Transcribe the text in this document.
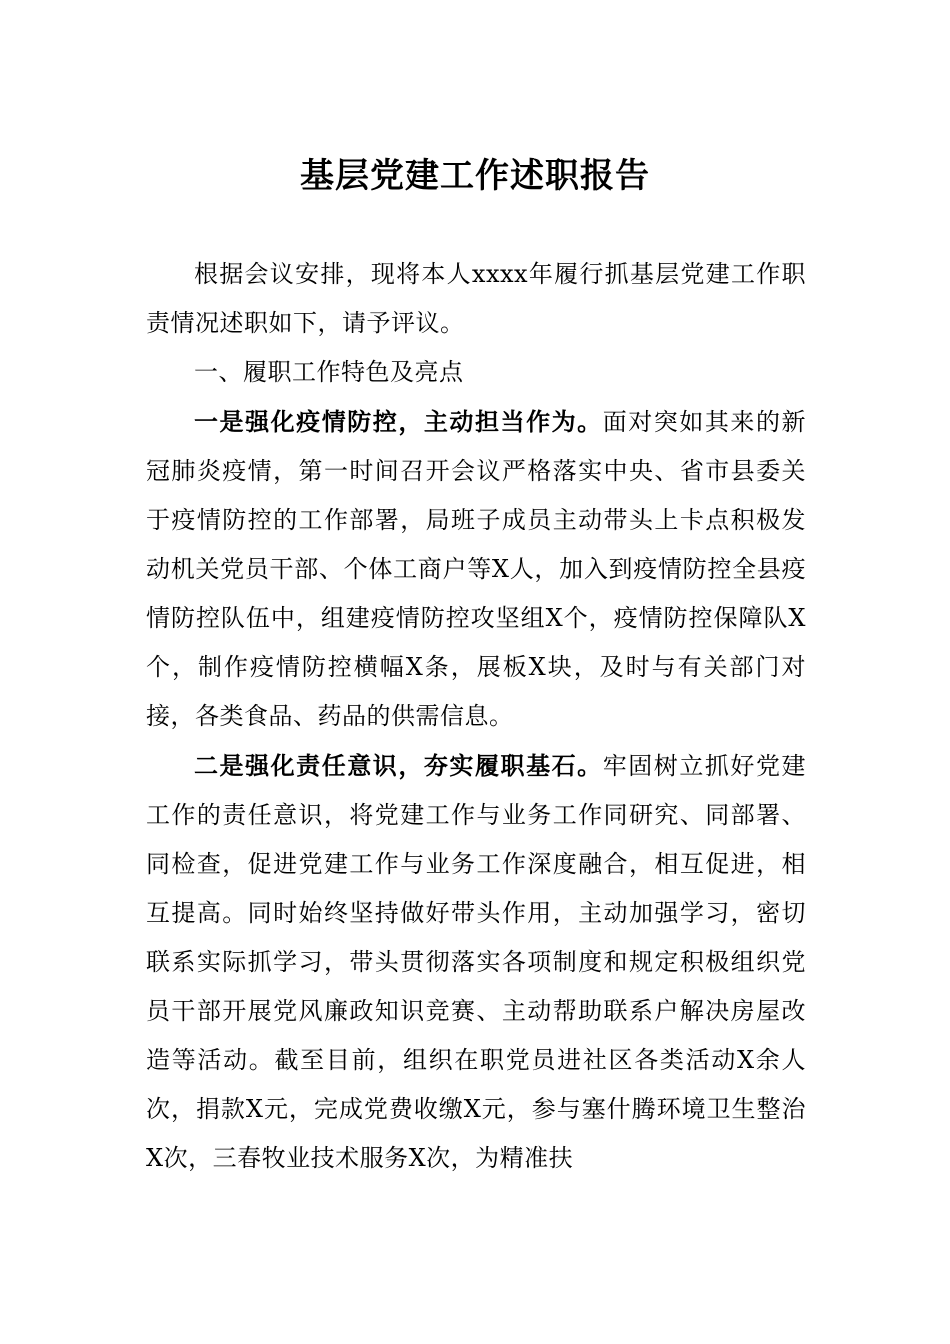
基层党建工作述职报告

根据会议安排，现将本人xxxx年履行抓基层党建工作职责情况述职如下，请予评议。

一、履职工作特色及亮点

一是强化疫情防控，主动担当作为。面对突如其来的新冠肺炎疫情，第一时间召开会议严格落实中央、省市县委关于疫情防控的工作部署，局班子成员主动带头上卡点积极发动机关党员干部、个体工商户等X人，加入到疫情防控全县疫情防控队伍中，组建疫情防控攻坚组X个，疫情防控保障队X个，制作疫情防控横幅X条，展板X块，及时与有关部门对接，各类食品、药品的供需信息。

二是强化责任意识，夯实履职基石。牢固树立抓好党建工作的责任意识，将党建工作与业务工作同研究、同部署、同检查，促进党建工作与业务工作深度融合，相互促进，相互提高。同时始终坚持做好带头作用，主动加强学习，密切联系实际抓学习，带头贯彻落实各项制度和规定积极组织党员干部开展党风廉政知识竞赛、主动帮助联系户解决房屋改造等活动。截至目前，组织在职党员进社区各类活动X余人次，捐款X元，完成党费收缴X元，参与塞什腾环境卫生整治X次，三春牧业技术服务X次，为精准扶
